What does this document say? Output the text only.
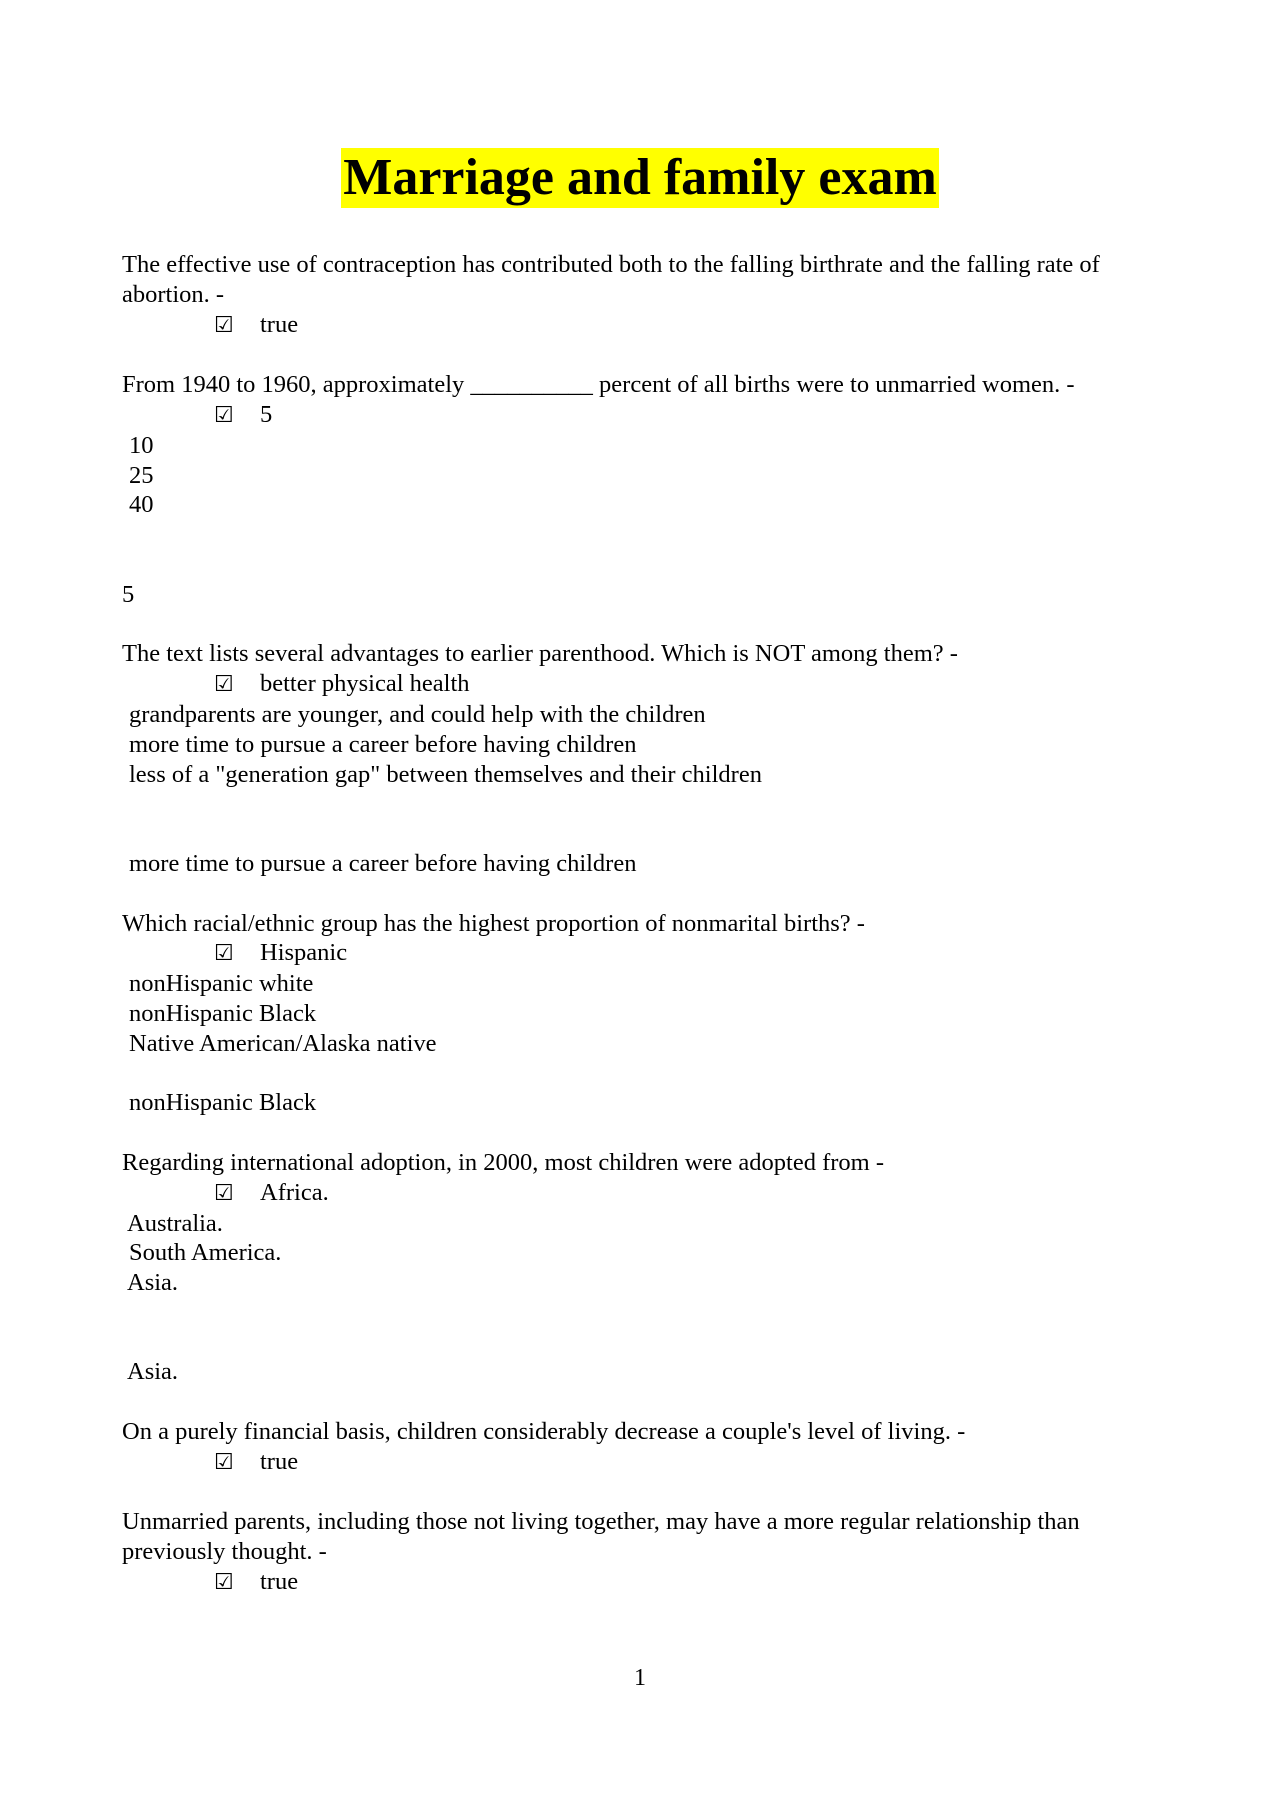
Marriage and family exam
The effective use of contraception has contributed both to the falling birthrate and the falling rate of abortion. -
☑	true
From 1940 to 1960, approximately __________ percent of all births were to unmarried women. -
☑	5
10
25
40
5
The text lists several advantages to earlier parenthood. Which is NOT among them? -
☑	better physical health
grandparents are younger, and could help with the children
more time to pursue a career before having children
less of a "generation gap" between themselves and their children
more time to pursue a career before having children
Which racial/ethnic group has the highest proportion of nonmarital births? -
☑	Hispanic
nonHispanic white
nonHispanic Black
Native American/Alaska native
nonHispanic Black
Regarding international adoption, in 2000, most children were adopted from -
☑	Africa.
Australia.
South America.
Asia.
Asia.
On a purely financial basis, children considerably decrease a couple's level of living. -
☑	true
Unmarried parents, including those not living together, may have a more regular relationship than previously thought. -
☑	true
1
